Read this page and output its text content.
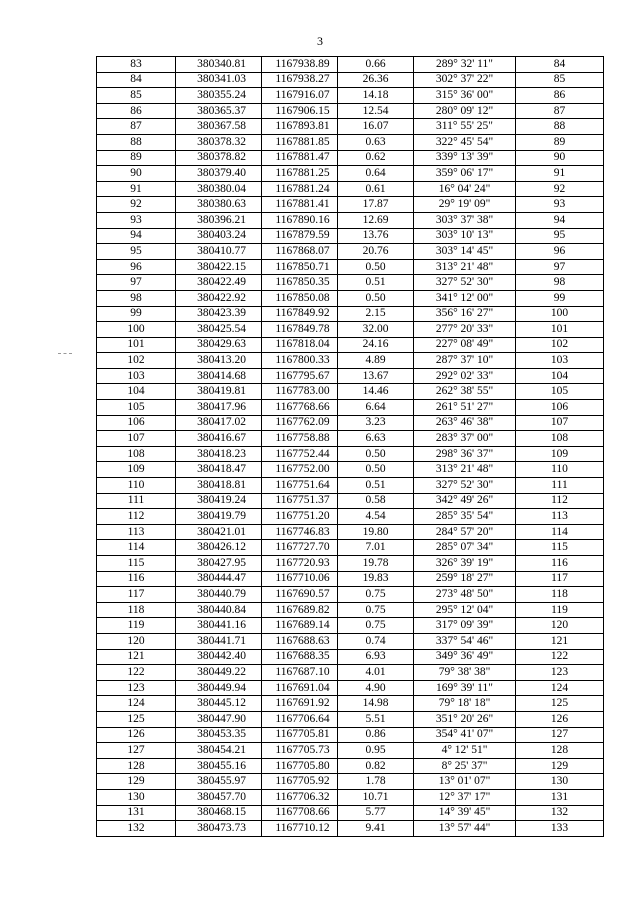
3
83	380340.81	1167938.89	0.66	289° 32' 11"	84
84	380341.03	1167938.27	26.36	302° 37' 22"	85
85	380355.24	1167916.07	14.18	315° 36' 00"	86
86	380365.37	1167906.15	12.54	280° 09' 12"	87
87	380367.58	1167893.81	16.07	311° 55' 25"	88
88	380378.32	1167881.85	0.63	322° 45' 54"	89
89	380378.82	1167881.47	0.62	339° 13' 39"	90
90	380379.40	1167881.25	0.64	359° 06' 17"	91
91	380380.04	1167881.24	0.61	16° 04' 24"	92
92	380380.63	1167881.41	17.87	29° 19' 09"	93
93	380396.21	1167890.16	12.69	303° 37' 38"	94
94	380403.24	1167879.59	13.76	303° 10' 13"	95
95	380410.77	1167868.07	20.76	303° 14' 45"	96
96	380422.15	1167850.71	0.50	313° 21' 48"	97
97	380422.49	1167850.35	0.51	327° 52' 30"	98
98	380422.92	1167850.08	0.50	341° 12' 00"	99
99	380423.39	1167849.92	2.15	356° 16' 27"	100
100	380425.54	1167849.78	32.00	277° 20' 33"	101
101	380429.63	1167818.04	24.16	227° 08' 49"	102
102	380413.20	1167800.33	4.89	287° 37' 10"	103
103	380414.68	1167795.67	13.67	292° 02' 33"	104
104	380419.81	1167783.00	14.46	262° 38' 55"	105
105	380417.96	1167768.66	6.64	261° 51' 27"	106
106	380417.02	1167762.09	3.23	263° 46' 38"	107
107	380416.67	1167758.88	6.63	283° 37' 00"	108
108	380418.23	1167752.44	0.50	298° 36' 37"	109
109	380418.47	1167752.00	0.50	313° 21' 48"	110
110	380418.81	1167751.64	0.51	327° 52' 30"	111
111	380419.24	1167751.37	0.58	342° 49' 26"	112
112	380419.79	1167751.20	4.54	285° 35' 54"	113
113	380421.01	1167746.83	19.80	284° 57' 20"	114
114	380426.12	1167727.70	7.01	285° 07' 34"	115
115	380427.95	1167720.93	19.78	326° 39' 19"	116
116	380444.47	1167710.06	19.83	259° 18' 27"	117
117	380440.79	1167690.57	0.75	273° 48' 50"	118
118	380440.84	1167689.82	0.75	295° 12' 04"	119
119	380441.16	1167689.14	0.75	317° 09' 39"	120
120	380441.71	1167688.63	0.74	337° 54' 46"	121
121	380442.40	1167688.35	6.93	349° 36' 49"	122
122	380449.22	1167687.10	4.01	79° 38' 38"	123
123	380449.94	1167691.04	4.90	169° 39' 11"	124
124	380445.12	1167691.92	14.98	79° 18' 18"	125
125	380447.90	1167706.64	5.51	351° 20' 26"	126
126	380453.35	1167705.81	0.86	354° 41' 07"	127
127	380454.21	1167705.73	0.95	4° 12' 51"	128
128	380455.16	1167705.80	0.82	8° 25' 37"	129
129	380455.97	1167705.92	1.78	13° 01' 07"	130
130	380457.70	1167706.32	10.71	12° 37' 17"	131
131	380468.15	1167708.66	5.77	14° 39' 45"	132
132	380473.73	1167710.12	9.41	13° 57' 44"	133
